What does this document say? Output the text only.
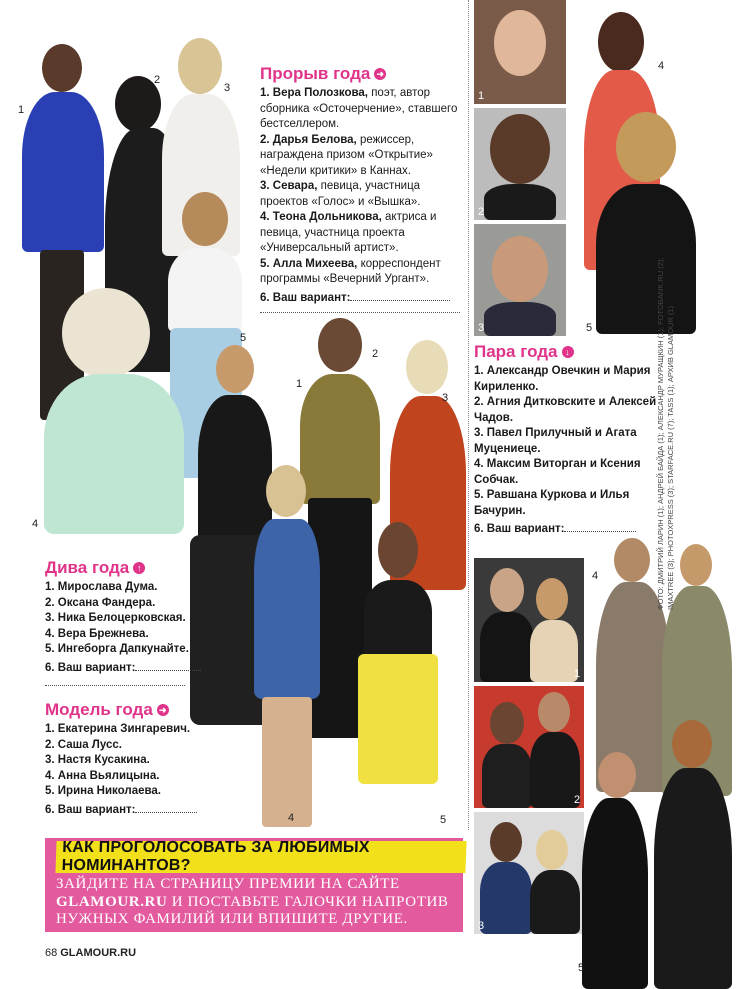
1
2
3
4
5
1
2
3
4	5
Прорыв года ➜
1. Вера Полозкова, поэт, автор сборника «Осточерчение», ставшего бестселлером.
2. Дарья Белова, режиссер, награжденa призом «Открытие» «Недели критики» в Каннах.
3. Севара, певица, участница проектов «Голос» и «Вышка».
4. Теона Дольникова, актриса и певица, участница проекта «Универсальный артист».
5. Алла Михеева, корреспондент программы «Вечерний Ургант».
6. Ваш вариант:
1
2
3
4
5
Пара года ↓
1. Александр Овечкин и Мария Кириленко.
2. Агния Дитковските и Алексей Чадов.
3. Павел Прилучный и Агата Муцениеце.
4. Максим Виторган и Ксения Собчак.
5. Равшана Куркова и Илья Бачурин.
6. Ваш вариант:
1
2
3
4
5
Дива года ↑
1. Мирослава Дума.
2. Оксана Фандера.
3. Ника Белоцерковская.
4. Вера Брежнева.
5. Ингеборга Дапкунайте.
6. Ваш вариант:
Модель года ➜
1. Екатерина Зингаревич.
2. Саша Лусс.
3. Настя Кусакина.
4. Анна Вьялицына.
5. Ирина Николаева.
6. Ваш вариант:
КАК ПРОГОЛОСОВАТЬ ЗА ЛЮБИМЫХ НОМИНАНТОВ?
ЗАЙДИТЕ НА СТРАНИЦУ ПРЕМИИ НА САЙТЕ GLAMOUR.RU И ПОСТАВЬТЕ ГАЛОЧКИ НАПРОТИВ НУЖНЫХ ФАМИЛИЙ ИЛИ ВПИШИТЕ ДРУГИЕ.

ФОТО: ДМИТРИЙ ЛАРИН (1); АНДРЕЙ БАЙДА (1); АЛЕКСАНДР МУРАЩКИН (1); FOTOBANK.RU (2); IMAXTREE (3); PHOTOXPRESS (3); STARFACE.RU (7); TASS (1); АРХИВ GLAMOUR (1)

68 GLAMOUR.RU
